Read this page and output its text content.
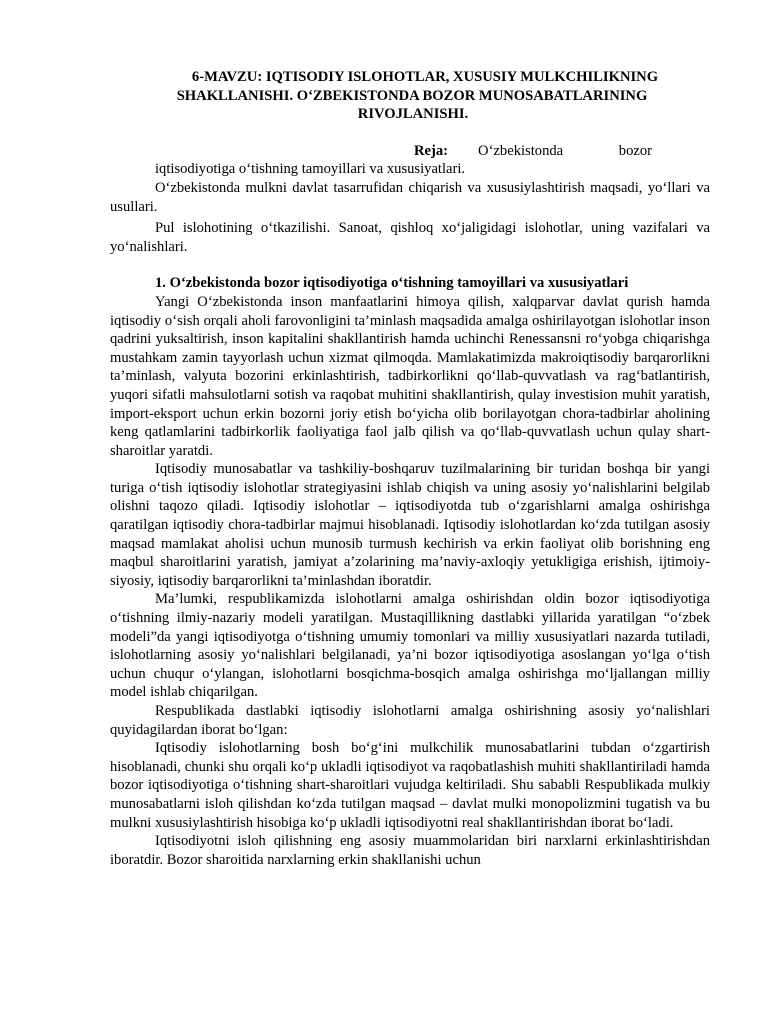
6-MAVZU: IQTISODIY ISLOHOTLAR, XUSUSIY MULKCHILIKNING
SHAKLLANISHI. O‘ZBEKISTONDA BOZOR MUNOSABATLARINING
RIVOJLANISHI.
Reja: O‘zbekistonda	bozor
iqtisodiyotiga o‘tishning tamoyillari va xususiyatlari.

O‘zbekistonda mulkni davlat tasarrufidan chiqarish va xususiylashtirish maqsadi, yo‘llari va usullari.

Pul islohotining o‘tkazilishi. Sanoat, qishloq xo‘jaligidagi islohotlar, uning vazifalari va yo‘nalishlari.

1. O‘zbekistonda bozor iqtisodiyotiga o‘tishning tamoyillari va xususiyatlari

Yangi O‘zbekistonda inson manfaatlarini himoya qilish, xalqparvar davlat qurish hamda iqtisodiy o‘sish orqali aholi farovonligini ta’minlash maqsadida amalga oshirilayotgan islohotlar inson qadrini yuksaltirish, inson kapitalini shakllantirish hamda uchinchi Renessansni ro‘yobga chiqarishga mustahkam zamin tayyorlash uchun xizmat qilmoqda. Mamlakatimizda makroiqtisodiy barqarorlikni ta’minlash, valyuta bozorini erkinlashtirish, tadbirkorlikni qo‘llab-quvvatlash va rag‘batlantirish, yuqori sifatli mahsulotlarni sotish va raqobat muhitini shakllantirish, qulay investision muhit yaratish, import-eksport uchun erkin bozorni joriy etish bo‘yicha olib borilayotgan chora-tadbirlar aholining keng qatlamlarini tadbirkorlik faoliyatiga faol jalb qilish va qo‘llab-quvvatlash uchun qulay shart-sharoitlar yaratdi.

Iqtisodiy munosabatlar va tashkiliy-boshqaruv tuzilmalarining bir turidan boshqa bir yangi turiga o‘tish iqtisodiy islohotlar strategiyasini ishlab chiqish va uning asosiy yo‘nalishlarini belgilab olishni taqozo qiladi. Iqtisodiy islohotlar – iqtisodiyotda tub o‘zgarishlarni amalga oshirishga qaratilgan iqtisodiy chora-tadbirlar majmui hisoblanadi. Iqtisodiy islohotlardan ko‘zda tutilgan asosiy maqsad mamlakat aholisi uchun munosib turmush kechirish va erkin faoliyat olib borishning eng maqbul sharoitlarini yaratish, jamiyat a’zolarining ma’naviy-axloqiy yetukligiga erishish, ijtimoiy-siyosiy, iqtisodiy barqarorlikni ta’minlashdan iboratdir.

Ma’lumki, respublikamizda islohotlarni amalga oshirishdan oldin bozor iqtisodiyotiga o‘tishning ilmiy-nazariy modeli yaratilgan. Mustaqillikning dastlabki yillarida yaratilgan “o‘zbek modeli”da yangi iqtisodiyotga o‘tishning umumiy tomonlari va milliy xususiyatlari nazarda tutiladi, islohotlarning asosiy yo‘nalishlari belgilanadi, ya’ni bozor iqtisodiyotiga asoslangan yo‘lga o‘tish uchun chuqur o‘ylangan, islohotlarni bosqichma-bosqich amalga oshirishga mo‘ljallangan milliy model ishlab chiqarilgan.

Respublikada dastlabki iqtisodiy islohotlarni amalga oshirishning asosiy yo‘nalishlari quyidagilardan iborat bo‘lgan:

Iqtisodiy islohotlarning bosh bo‘g‘ini mulkchilik munosabatlarini tubdan o‘zgartirish hisoblanadi, chunki shu orqali ko‘p ukladli iqtisodiyot va raqobatlashish muhiti shakllantiriladi hamda bozor iqtisodiyotiga o‘tishning shart-sharoitlari vujudga keltiriladi. Shu sababli Respublikada mulkiy munosabatlarni isloh qilishdan ko‘zda tutilgan maqsad – davlat mulki monopolizmini tugatish va bu mulkni xususiylashtirish hisobiga ko‘p ukladli iqtisodiyotni real shakllantirishdan iborat bo‘ladi.

Iqtisodiyotni isloh qilishning eng asosiy muammolaridan biri narxlarni erkinlashtirishdan iboratdir. Bozor sharoitida narxlarning erkin shakllanishi uchun
